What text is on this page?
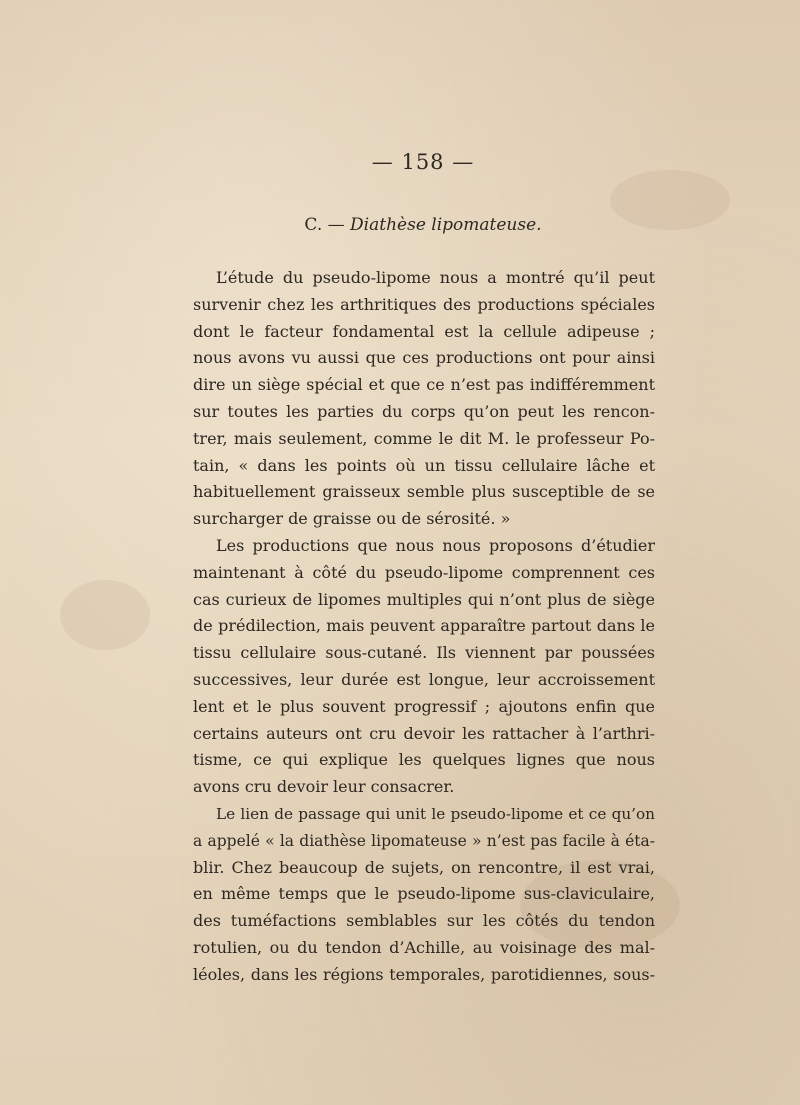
— 158 —
C. — Diathèse lipomateuse.
L’étude du pseudo-lipome nous a montré qu’il peut
survenir chez les arthritiques des productions spéciales
dont le facteur fondamental est la cellule adipeuse ;
nous avons vu aussi que ces productions ont pour ainsi
dire un siège spécial et que ce n’est pas indifféremment
sur toutes les parties du corps qu’on peut les rencon-
trer, mais seulement, comme le dit M. le professeur Po-
tain, « dans les points où un tissu cellulaire lâche et
habituellement graisseux semble plus susceptible de se
surcharger de graisse ou de sérosité. »
Les productions que nous nous proposons d’étudier
maintenant à côté du pseudo-lipome comprennent ces
cas curieux de lipomes multiples qui n’ont plus de siège
de prédilection, mais peuvent apparaître partout dans le
tissu cellulaire sous-cutané. Ils viennent par poussées
successives, leur durée est longue, leur accroissement
lent et le plus souvent progressif ; ajoutons enfin que
certains auteurs ont cru devoir les rattacher à l’arthri-
tisme, ce qui explique les quelques lignes que nous
avons cru devoir leur consacrer.
Le lien de passage qui unit le pseudo-lipome et ce qu’on
a appelé « la diathèse lipomateuse » n’est pas facile à éta-
blir. Chez beaucoup de sujets, on rencontre, il est vrai,
en même temps que le pseudo-lipome sus-claviculaire,
des tuméfactions semblables sur les côtés du tendon
rotulien, ou du tendon d’Achille, au voisinage des mal-
léoles, dans les régions temporales, parotidiennes, sous-
